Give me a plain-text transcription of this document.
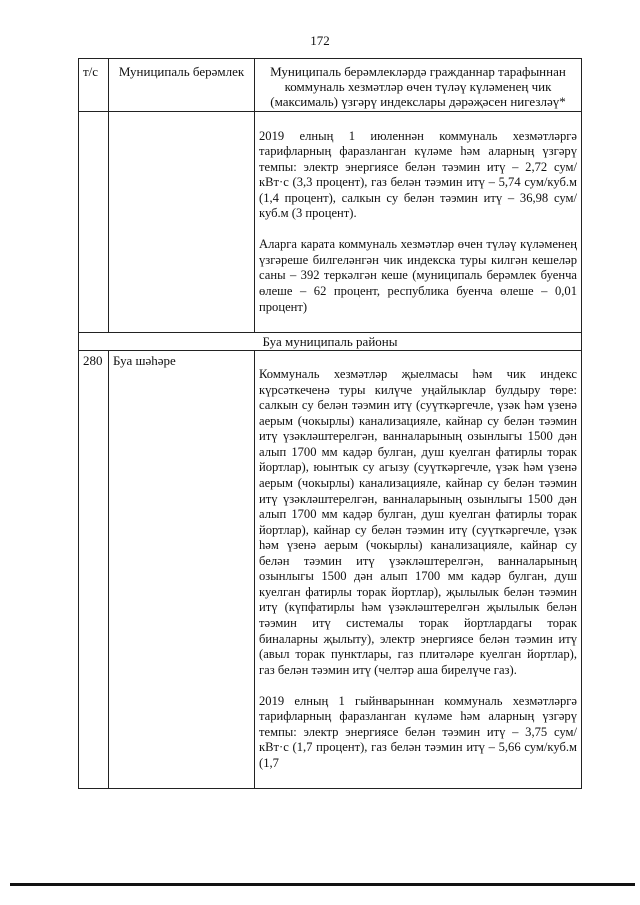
172
т/с	Муниципаль берәмлек	Муниципаль берәмлекләрдә гражданнар тарафыннан коммуналь хезмәтләр өчен түләү күләменең чик (максималь) үзгәрү индекслары дәрәҗәсен нигезләү*

		2019 елның 1 июленнән коммуналь хезмәтләргә тарифларның фаразланган күләме һәм аларның үзгәрү темпы: электр энергиясе белән тәэмин итү – 2,72 сум/кВт·с (3,3 процент), газ белән тәэмин итү – 5,74 сум/куб.м (1,4 процент), салкын су белән тәэмин итү – 36,98 сум/куб.м (3 процент).

Аларга карата коммуналь хезмәтләр өчен түләү күләменең үзгәреше билгеләнгән чик индекска туры килгән кешеләр саны – 392 теркәлгән кеше (муниципаль берәмлек буенча өлеше – 62 процент, республика буенча өлеше – 0,01 процент)

Буа муниципаль районы		
280	Буа шәһәре	Коммуналь хезмәтләр җыелмасы һәм чик индекс күрсәткеченә туры килүче уңайлыклар булдыру төре: салкын су белән тәэмин итү (суүткәргечле, үзәк һәм үзенә аерым (чокырлы) канализацияле, кайнар су белән тәэмин итү үзәкләштерелгән, ванналарының озынлыгы 1500 дән алып 1700 мм кадәр булган, душ куелган фатирлы торак йортлар), юынтык су агызу (суүткәргечле, үзәк һәм үзенә аерым (чокырлы) канализацияле, кайнар су белән тәэмин итү үзәкләштерелгән, ванналарының озынлыгы 1500 дән алып 1700 мм кадәр булган, душ куелган фатирлы торак йортлар), кайнар су белән тәэмин итү (суүткәргечле, үзәк һәм үзенә аерым (чокырлы) канализацияле, кайнар су белән тәэмин итү үзәкләштерелгән, ванналарының озынлыгы 1500 дән алып 1700 мм кадәр булган, душ куелган фатирлы торак йортлар), җылылык белән тәэмин итү (күпфатирлы һәм үзәкләштерелгән җылылык белән тәэмин итү системалы торак йортлардагы торак биналарны җылыту), электр энергиясе белән тәэмин итү (авыл торак пунктлары, газ плитәләре куелган йортлар), газ белән тәэмин итү (челтәр аша бирелүче газ).

2019 елның 1 гыйнварыннан коммуналь хезмәтләргә тарифларның фаразланган күләме һәм аларның үзгәрү темпы: электр энергиясе белән тәэмин итү – 3,75 сум/кВт·с (1,7 процент), газ белән тәэмин итү – 5,66 сум/куб.м (1,7
